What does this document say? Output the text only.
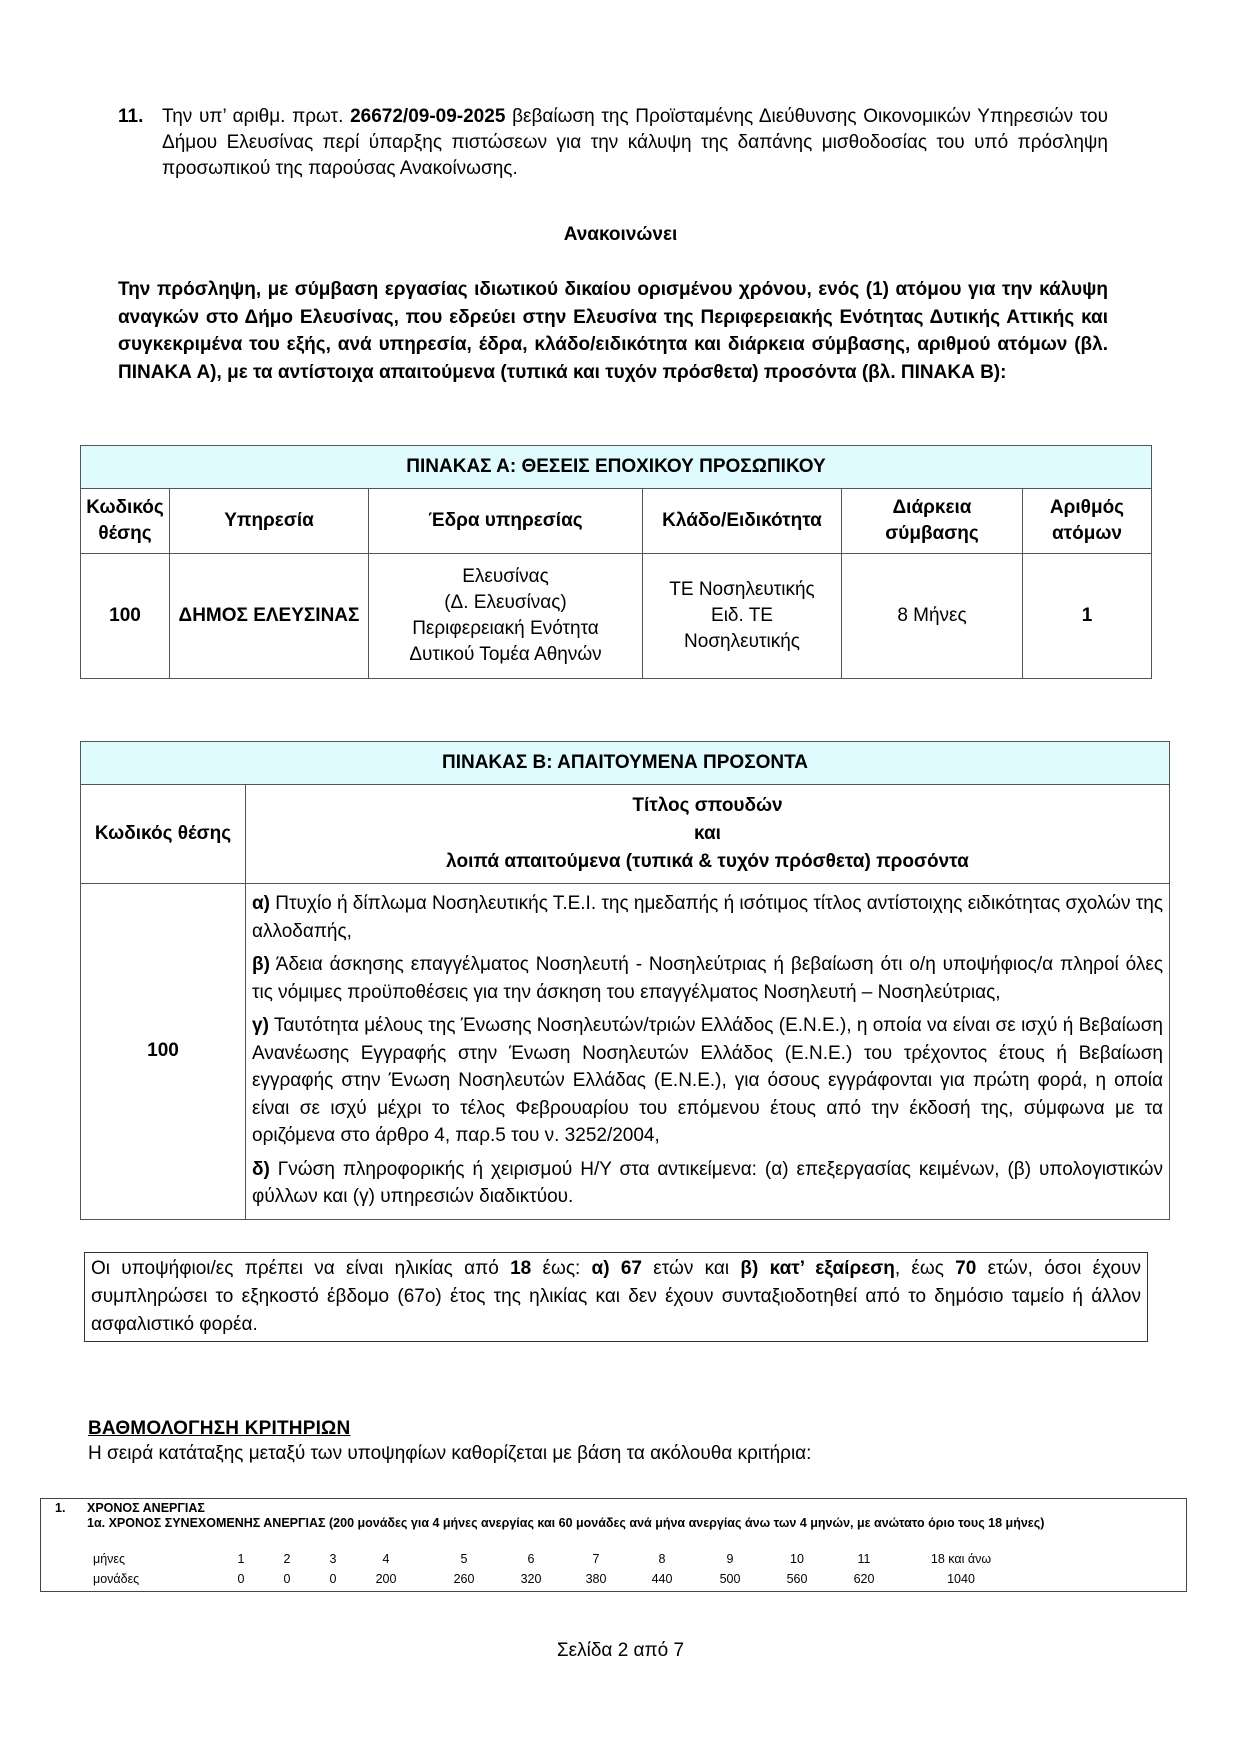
11. Την υπ’ αριθμ. πρωτ. 26672/09-09-2025 βεβαίωση της Προϊσταμένης Διεύθυνσης Οικονομικών Υπηρεσιών του Δήμου Ελευσίνας περί ύπαρξης πιστώσεων για την κάλυψη της δαπάνης μισθοδοσίας του υπό πρόσληψη προσωπικού της παρούσας Ανακοίνωσης.
Ανακοινώνει
Την πρόσληψη, με σύμβαση εργασίας ιδιωτικού δικαίου ορισμένου χρόνου, ενός (1) ατόμου για την κάλυψη αναγκών στο Δήμο Ελευσίνας, που εδρεύει στην Ελευσίνα της Περιφερειακής Ενότητας Δυτικής Αττικής και συγκεκριμένα του εξής, ανά υπηρεσία, έδρα, κλάδο/ειδικότητα και διάρκεια σύμβασης, αριθμού ατόμων (βλ. ΠΙΝΑΚΑ Α), με τα αντίστοιχα απαιτούμενα (τυπικά και τυχόν πρόσθετα) προσόντα (βλ. ΠΙΝΑΚΑ Β):
ΠΙΝΑΚΑΣ Α: ΘΕΣΕΙΣ ΕΠΟΧΙΚΟΥ ΠΡΟΣΩΠΙΚΟΥ					
Κωδικός
θέσης	Υπηρεσία	Έδρα υπηρεσίας	Κλάδο/Ειδικότητα	Διάρκεια
σύμβασης	Αριθμός
ατόμων
100	ΔΗΜΟΣ ΕΛΕΥΣΙΝΑΣ	Ελευσίνας
(Δ. Ελευσίνας)
Περιφερειακή Ενότητα
Δυτικού Τομέα Αθηνών	ΤΕ Νοσηλευτικής
Ειδ. ΤΕ
Νοσηλευτικής	8 Μήνες	1
ΠΙΝΑΚΑΣ Β: ΑΠΑΙΤΟΥΜΕΝΑ ΠΡΟΣΟΝΤΑ	
Κωδικός θέσης	Τίτλος σπουδών
και
λοιπά απαιτούμενα (τυπικά & τυχόν πρόσθετα) προσόντα
100	α) Πτυχίο ή δίπλωμα Νοσηλευτικής Τ.Ε.Ι. της ημεδαπής ή ισότιμος τίτλος αντίστοιχης ειδικότητας σχολών της αλλοδαπής,
β) Άδεια άσκησης επαγγέλματος Νοσηλευτή - Νοσηλεύτριας ή βεβαίωση ότι ο/η υποψήφιος/α πληροί όλες τις νόμιμες προϋποθέσεις για την άσκηση του επαγγέλματος Νοσηλευτή – Νοσηλεύτριας,
γ) Ταυτότητα μέλους της Ένωσης Νοσηλευτών/τριών Ελλάδος (Ε.Ν.Ε.), η οποία να είναι σε ισχύ ή Βεβαίωση Ανανέωσης Εγγραφής στην Ένωση Νοσηλευτών Ελλάδος (Ε.Ν.Ε.) του τρέχοντος έτους ή Βεβαίωση εγγραφής στην Ένωση Νοσηλευτών Ελλάδας (Ε.Ν.Ε.), για όσους εγγράφονται για πρώτη φορά, η οποία είναι σε ισχύ μέχρι το τέλος Φεβρουαρίου του επόμενου έτους από την έκδοσή της, σύμφωνα με τα οριζόμενα στο άρθρο 4, παρ.5 του ν. 3252/2004,
δ) Γνώση πληροφορικής ή χειρισμού Η/Υ στα αντικείμενα: (α) επεξεργασίας κειμένων, (β) υπολογιστικών φύλλων και (γ) υπηρεσιών διαδικτύου.
Οι υποψήφιοι/ες πρέπει να είναι ηλικίας από 18 έως: α) 67 ετών και β) κατ’ εξαίρεση, έως 70 ετών, όσοι έχουν συμπληρώσει το εξηκοστό έβδομο (67ο) έτος της ηλικίας και δεν έχουν συνταξιοδοτηθεί από το δημόσιο ταμείο ή άλλον ασφαλιστικό φορέα.
ΒΑΘΜΟΛΟΓΗΣΗ ΚΡΙΤΗΡΙΩΝ
Η σειρά κατάταξης μεταξύ των υποψηφίων καθορίζεται με βάση τα ακόλουθα κριτήρια:
1. ΧΡΟΝΟΣ ΑΝΕΡΓΙΑΣ
1α. ΧΡΟΝΟΣ ΣΥΝΕΧΟΜΕΝΗΣ ΑΝΕΡΓΙΑΣ (200 μονάδες για 4 μήνες ανεργίας και 60 μονάδες ανά μήνα ανεργίας άνω των 4 μηνών, με ανώτατο όριο τους 18 μήνες)
μήνες	1	2	3	4	5	6	7	8	9	10	11	18 και άνω
μονάδες	0	0	0	200	260	320	380	440	500	560	620	1040
Σελίδα 2 από 7
